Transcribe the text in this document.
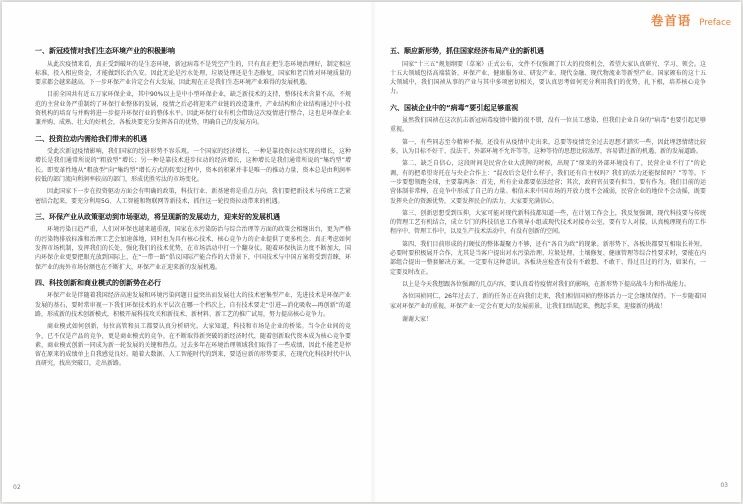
卷首语 Preface
一、新冠疫情对我们生态环境产业的积极影响

从此次疫情来看，真正受到破坏的是生态环境，新冠病毒不是凭空产生的，只有真正把生态环境治理好，制定相应标准，投入相应资金，才能做到长治久安。因此无论是污水处理、垃圾处理还是生态修复，国家和老百姓对环境质量的要求都会越来越高，下一步环保产业肯定会有大发展，因此现在正是我们生态环境产业难得的发展机遇。

目前全国共有近五万家环保企业，其中90%以上是中小型环保企业，缺乏新技术的支持，整体技术含量不高，不规范的主营业务严重制约了环保行业整体的发展，疫情之后必将迎来产业链的改造兼并，产业结构和企业结构通过中小投资机构的培育与并购将进一步提升环保行业的整体水平。因此环保行业有机会借助这次疫情进行整合，这也是环保企业兼并购、成熟、壮大的好机会，各板块要充分发挥各自的优势，明确自己的发展方向。

二、投资拉动内需给我们带来的机遇

受此次新冠疫情影响，我们国家的经济形势不容乐观。一个国家的经济增长，一种是靠投资拉动实现的增长，这种增长是我们通常所说的“粗放型”增长；另一种是靠技术进步拉动的经济增长，这种增长是我们通常所说的“集约型”增长。即变革性地从“粗放型”向“集约型”增长方式的转变过程中，资本的积累并非是唯一的推动力量，资本总是由利润率较低的部门流向利润率较高的部门，形成优胜劣汰的市场变化。

因此国家下一步在投资驱动方面会有明确的政策，科技行业、新基建将是重点方向，我们要把新技术与传统工艺紧密结合起来，要充分利用5G、人工智能和物联网等新技术，抓住这一轮投资拉动带来的机遇。

三、环保产业从政策驱动到市场驱动，将呈现新的发展动力，迎来好的发展机遇

环境污染日趋严重，人们对环保也越来越重视，国家在水污染防治与综合治理等方面的政策会相继出台，更为严格的污染物排放标准和治理工艺会加速落地，同时也为具有核心技术、核心竞争力的企业提供了更多机会。真正考虑如何发挥市场机制，发挥我们的长处，强化我们的技术优势，在市场活动中打一个翻身仗。随着环保执法力度不断加大，国内环保企业更要把眼光放到国际上，在“一带一路”倡议国际产能合作的大背景下，中国技术与中国方案将受到青睐，环保产业的海外市场份额也在不断扩大，环保产业正迎来新的发展机遇。

四、科技创新和商业模式的创新势在必行

环保产业是伴随着我国经济高速发展和环境污染问题日益突出而发展壮大的技术密集型产业，先进技术是环保产业发展的基石，要时常审视一下我们环保技术的水平层次在哪一个档次上，自有技术要走“引进—消化吸收—再创新”的道路，形成新的技术创新模式，积极开展科技攻关和新技术、新材料、新工艺的推广试用，努力提高核心竞争力。

商业模式如何创新，每位高管和员工都要认真分析研究。大家知道，科技和市场是企业的桥梁。当今企业间的竞争，已不仅是产品的竞争，更是商业模式的竞争。在不断取得新突破的新经济时代，随着创新取代资本成为核心竞争要素，商业模式创新一同成为新一轮发展的关键和热点。过去多年在环境治理领域我们取得了一些成绩，因此不能老是停留在原来的成绩单上自我感觉良好。随着大数据、人工智能时代的到来，要适应新的形势要求，在现代化科技时代中认真研究，找出突破口，走出新路。

五、顺应新形势，抓住国家经济布局产业的新机遇

国家“十三五”规划纲要（草案）正式公布，文件不仅强调了巨大的投资机会，希望大家认真研究、学习、领会。这十五大领域包括高端装备、环保产业、健康服务业、研发产业、现代金融、现代物流业等新型产业。国家颁布的这十五大领域中，我们国祯从事的产业与其中多项密切相关，要认真思考如何充分利用我们的优势，扎下根，培养核心竞争力。

六、国祯企业中的“病毒”要引起足够重视

虽然我们国祯在这次抗击新冠病毒疫情中做的很不错，没有一位员工感染，但我们企业自身的“病毒”也要引起足够重视。

第一、有些同志至今精神不振，还没有从疫情中走出来，总要等疫情完全过去思想才踏实一些，因此埋怨情绪比较多，认为目标不好干、没法干、外部环境不允许等等，这种等待的思想比较浓厚，容易错过新的机遇、新的发展道路。

第二、缺乏自信心，这段时间是民营企业大洗牌的时候，出现了“原来的外部环境没有了，民营企业不行了”的论调，有的把希望寄托在与央企合作上：“混改后会是什么样子，我们还有自主权吗？我们的活力还能保留吗？”等等。下一步要想领跑全球，主要靠两条：首先，所有企业都要依法经营；其次，政府官员要有担当、要有作为。我们目前的运营体制非常棒，在竞争中形成了自己的力量。相信未来中国市场的开放力度不会减弱，民营企业的地位不会动摇，既要发挥央企的资源优势，又要发挥民企的活力，大家要充满信心。

第三、创新思想受到压抑，大家可能对现代新科技都知道一些，在计划工作会上，我反复强调，现代科技要与传统的管理工艺有机结合，成立专门的科技信息工作领导小组或现代技术对接办公室，要有专人对接，认真梳理现有的工作程序中、管理工作中，以及生产技术活动中，有没有创新的空间。

第四、我们目前形成的打硬仗的整体凝聚力不够，还有“各自为政”的现象。新形势下，各板块都要互相取长补短，必要时要积极展开合作，尤其是当客户提出对水污染治理、垃圾处理、土壤修复、健康管理等综合性要求时，要能在内部组合提出一整套解决方案，一定要有这种意识。各板块应检查有没有不敢想、不敢干、得过且过的行为，如果有，一定要及时改正。

以上是今天我想跟各位强调的几点内容，要认真看待疫情对我们的影响，在新形势下提高战斗力和作战能力。

各位国祯同仁，26年过去了，新的任务正在向我们走来，我们相信国祯的整体活力一定会继续保持。下一步随着国家对环保产业的重视，环保产业一定会有更大的发展前景，让我们团结起来，携起手来，迎接新的挑战！

谢谢大家！

02	03
